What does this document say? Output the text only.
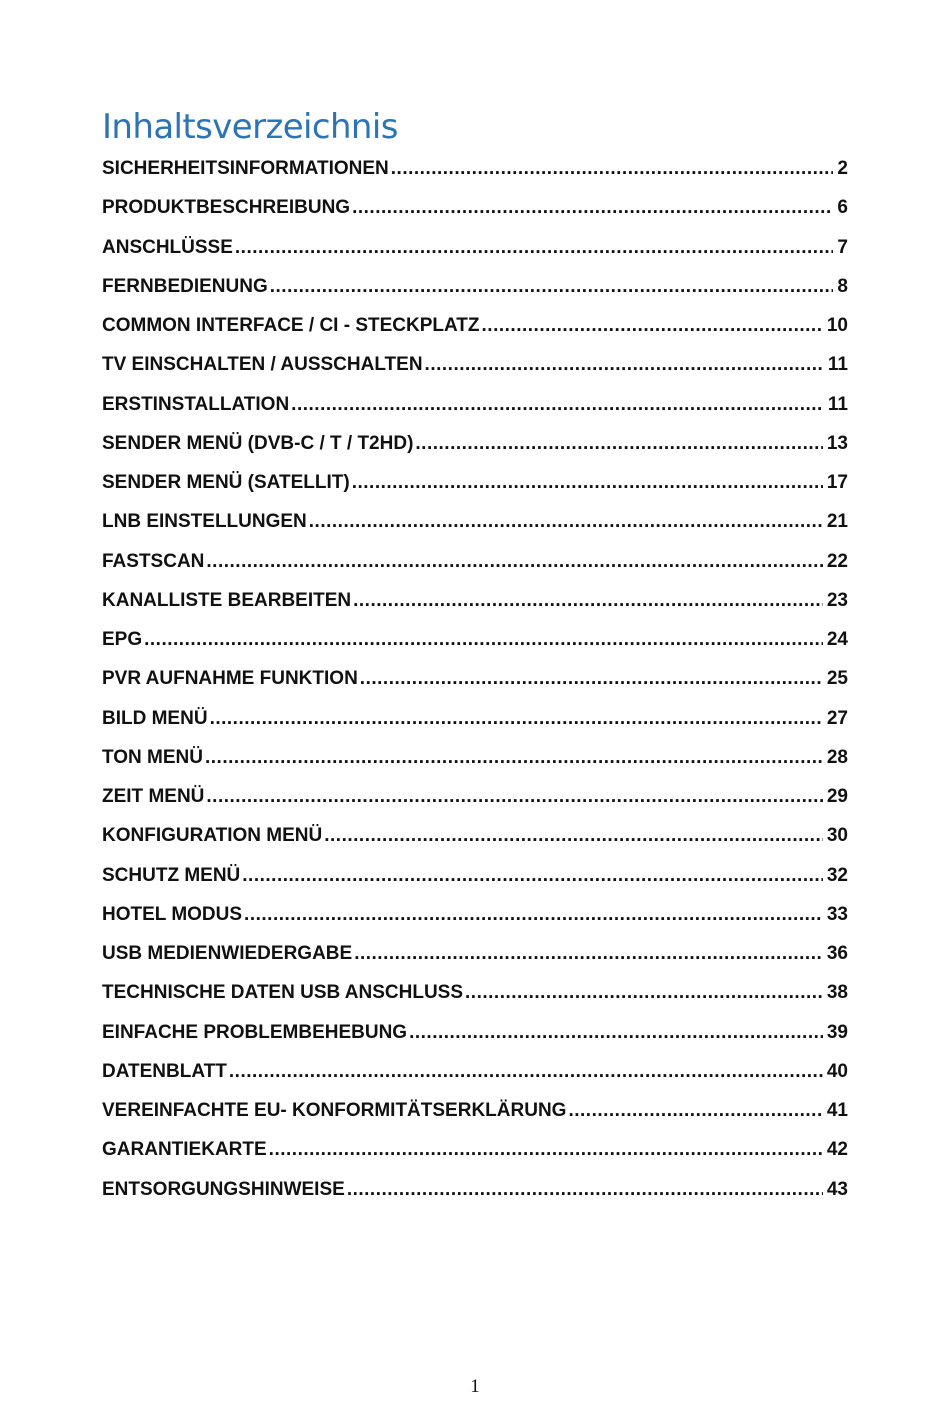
Inhaltsverzeichnis
SICHERHEITSINFORMATIONEN .....	2
PRODUKTBESCHREIBUNG .....	6
ANSCHLÜSSE .....	7
FERNBEDIENUNG .....	8
COMMON INTERFACE / CI - STECKPLATZ .....	10
TV EINSCHALTEN / AUSSCHALTEN .....	11
ERSTINSTALLATION .....	11
SENDER MENÜ (DVB-C / T / T2HD) .....	13
SENDER MENÜ (SATELLIT) .....	17
LNB EINSTELLUNGEN .....	21
FASTSCAN .....	22
KANALLISTE BEARBEITEN .....	23
EPG .....	24
PVR AUFNAHME FUNKTION .....	25
BILD MENÜ .....	27
TON MENÜ .....	28
ZEIT MENÜ .....	29
KONFIGURATION MENÜ .....	30
SCHUTZ MENÜ .....	32
HOTEL MODUS .....	33
USB MEDIENWIEDERGABE .....	36
TECHNISCHE DATEN USB ANSCHLUSS .....	38
EINFACHE PROBLEMBEHEBUNG .....	39
DATENBLATT .....	40
VEREINFACHTE EU- KONFORMITÄTSERKLÄRUNG .....	41
GARANTIEKARTE .....	42
ENTSORGUNGSHINWEISE .....	43
1
